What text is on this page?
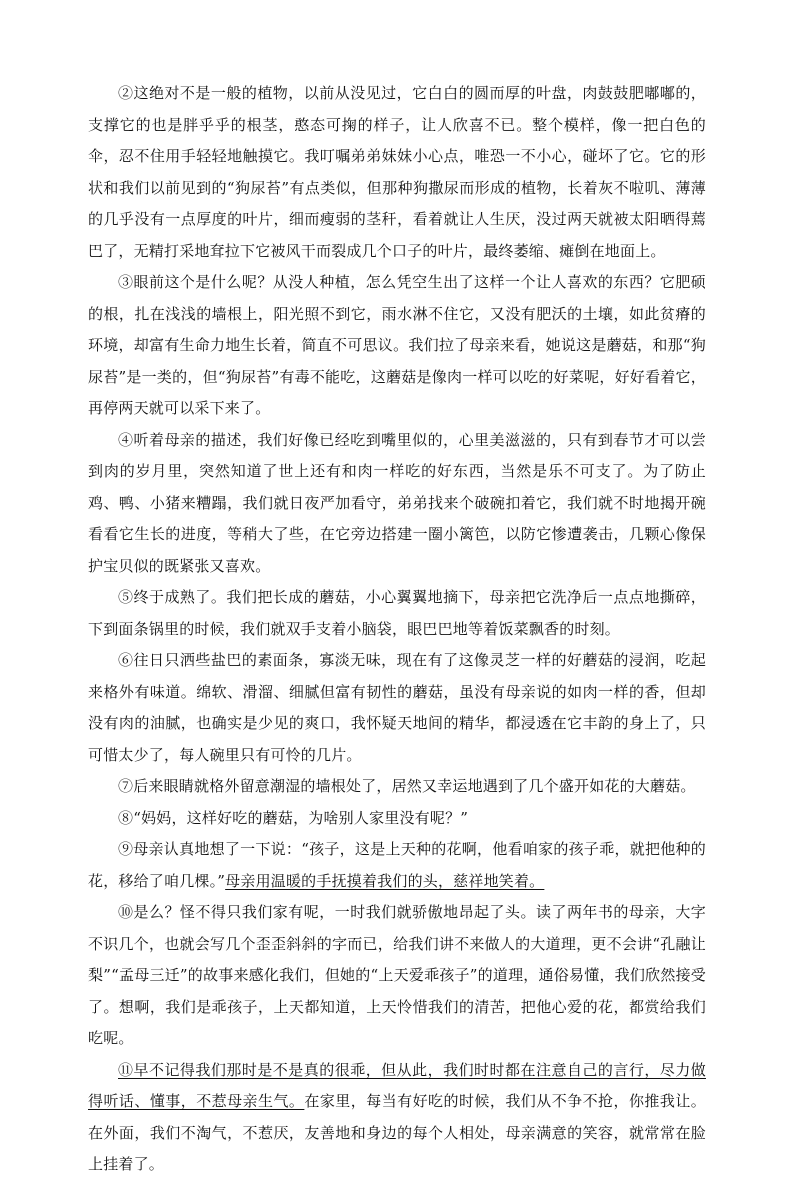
②这绝对不是一般的植物，以前从没见过，它白白的圆而厚的叶盘，肉鼓鼓肥嘟嘟的，支撑它的也是胖乎乎的根茎，憨态可掬的样子，让人欣喜不已。整个模样，像一把白色的伞，忍不住用手轻轻地触摸它。我叮嘱弟弟妹妹小心点，唯恐一不小心，碰坏了它。它的形状和我们以前见到的“狗尿苔”有点类似，但那种狗撒尿而形成的植物，长着灰不啦叽、薄薄的几乎没有一点厚度的叶片，细而瘦弱的茎秆，看着就让人生厌，没过两天就被太阳晒得蔫巴了，无精打采地耷拉下它被风干而裂成几个口子的叶片，最终萎缩、瘫倒在地面上。

③眼前这个是什么呢？从没人种植，怎么凭空生出了这样一个让人喜欢的东西？它肥硕的根，扎在浅浅的墙根上，阳光照不到它，雨水淋不住它，又没有肥沃的土壤，如此贫瘠的环境，却富有生命力地生长着，简直不可思议。我们拉了母亲来看，她说这是蘑菇，和那“狗尿苔”是一类的，但“狗尿苔”有毒不能吃，这蘑菇是像肉一样可以吃的好菜呢，好好看着它，再停两天就可以采下来了。

④听着母亲的描述，我们好像已经吃到嘴里似的，心里美滋滋的，只有到春节才可以尝到肉的岁月里，突然知道了世上还有和肉一样吃的好东西，当然是乐不可支了。为了防止鸡、鸭、小猪来糟蹋，我们就日夜严加看守，弟弟找来个破碗扣着它，我们就不时地揭开碗看看它生长的进度，等稍大了些，在它旁边搭建一圈小篱笆，以防它惨遭袭击，几颗心像保护宝贝似的既紧张又喜欢。

⑤终于成熟了。我们把长成的蘑菇，小心翼翼地摘下，母亲把它洗净后一点点地撕碎，下到面条锅里的时候，我们就双手支着小脑袋，眼巴巴地等着饭菜飘香的时刻。

⑥往日只洒些盐巴的素面条，寡淡无味，现在有了这像灵芝一样的好蘑菇的浸润，吃起来格外有味道。绵软、滑溜、细腻但富有韧性的蘑菇，虽没有母亲说的如肉一样的香，但却没有肉的油腻，也确实是少见的爽口，我怀疑天地间的精华，都浸透在它丰韵的身上了，只可惜太少了，每人碗里只有可怜的几片。

⑦后来眼睛就格外留意潮湿的墙根处了，居然又幸运地遇到了几个盛开如花的大蘑菇。

⑧“妈妈，这样好吃的蘑菇，为啥别人家里没有呢？”

⑨母亲认真地想了一下说：“孩子，这是上天种的花啊，他看咱家的孩子乖，就把他种的花，移给了咱几棵。”母亲用温暖的手抚摸着我们的头，慈祥地笑着。

⑩是么？怪不得只我们家有呢，一时我们就骄傲地昂起了头。读了两年书的母亲，大字不识几个，也就会写几个歪歪斜斜的字而已，给我们讲不来做人的大道理，更不会讲“孔融让梨”“孟母三迁”的故事来感化我们，但她的“上天爱乖孩子”的道理，通俗易懂，我们欣然接受了。想啊，我们是乖孩子，上天都知道，上天怜惜我们的清苦，把他心爱的花，都赏给我们吃呢。

⑪早不记得我们那时是不是真的很乖，但从此，我们时时都在注意自己的言行，尽力做得听话、懂事，不惹母亲生气。在家里，每当有好吃的时候，我们从不争不抢，你推我让。在外面，我们不淘气，不惹厌，友善地和身边的每个人相处，母亲满意的笑容，就常常在脸上挂着了。
